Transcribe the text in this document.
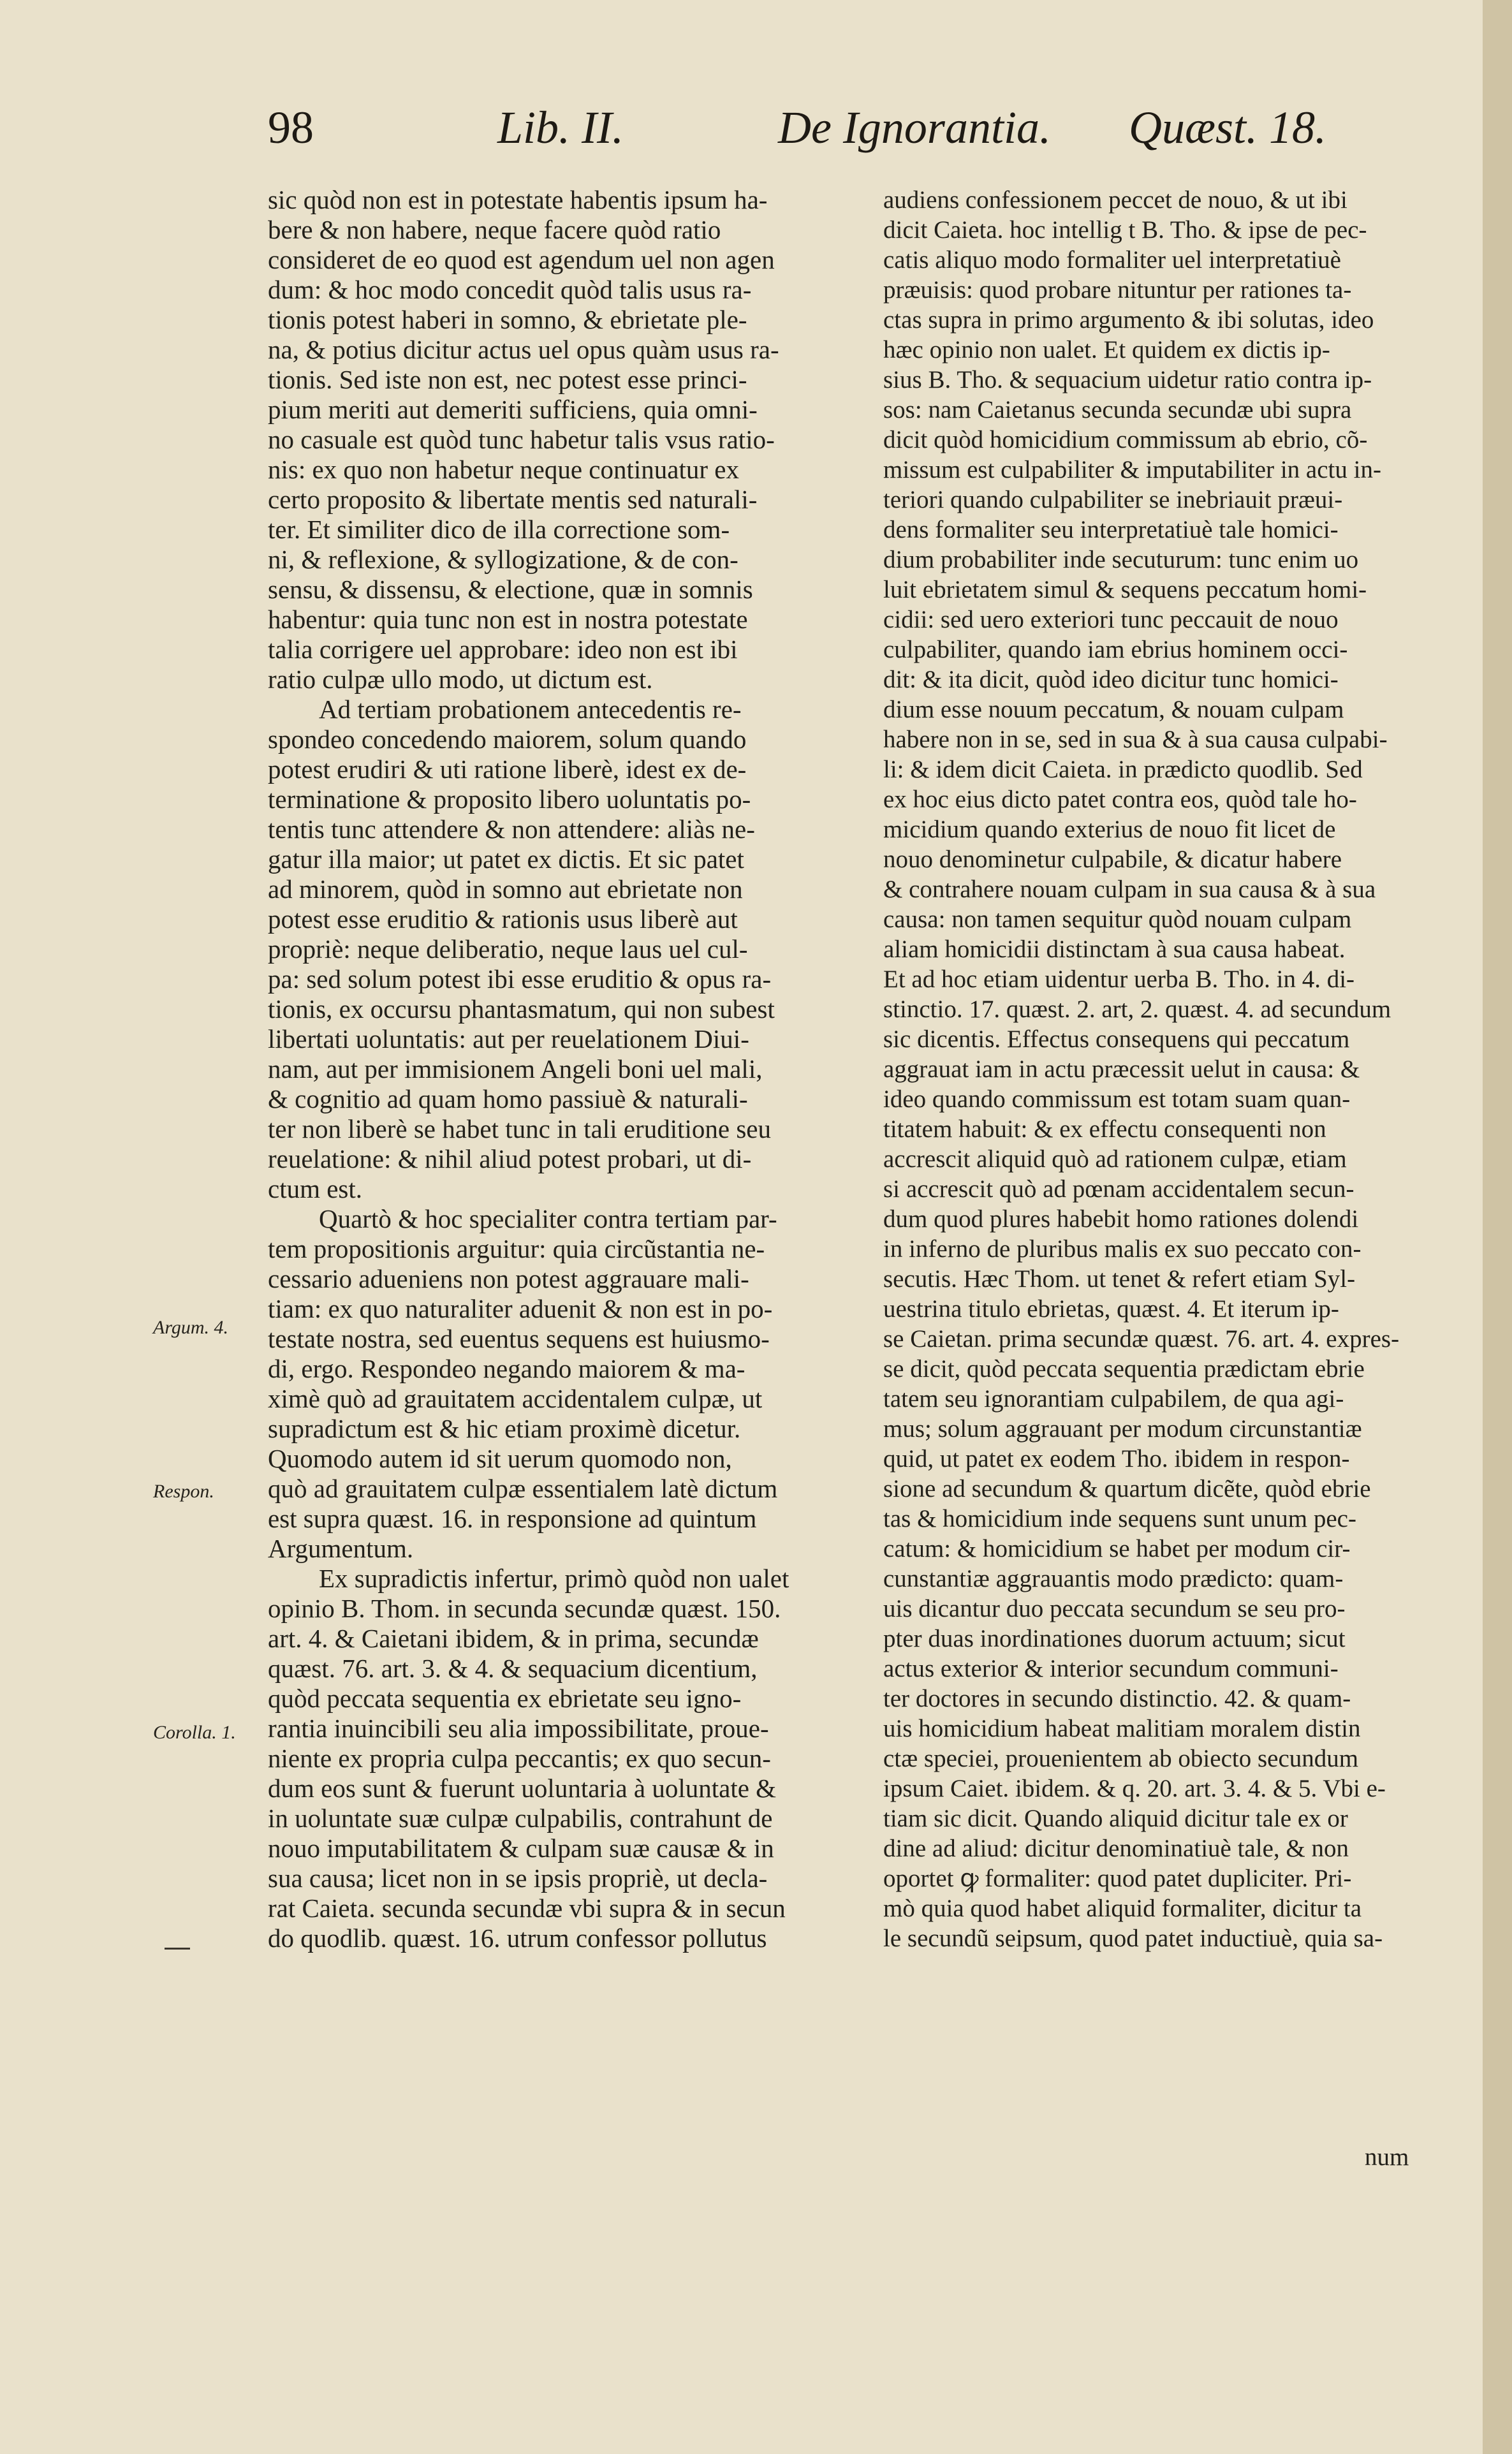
98	Lib. II.	De Ignorantia. Quæst. 18.
Argum. 4.
Respon.
Corolla. 1.

sic quòd non est in potestate habentis ipsum ha-

bere & non habere, neque facere quòd ratio

consideret de eo quod est agendum uel non agen

dum: & hoc modo concedit quòd talis usus ra-

tionis potest haberi in somno, & ebrietate ple-

na, & potius dicitur actus uel opus quàm usus ra-

tionis. Sed iste non est, nec potest esse princi-

pium meriti aut demeriti sufficiens, quia omni-

no casuale est quòd tunc habetur talis vsus ratio-

nis: ex quo non habetur neque continuatur ex

certo proposito & libertate mentis sed naturali-

ter. Et similiter dico de illa correctione som-

ni, & reflexione, & syllogizatione, & de con-

sensu, & dissensu, & electione, quæ in somnis

habentur: quia tunc non est in nostra potestate

talia corrigere uel approbare: ideo non est ibi

ratio culpæ ullo modo, ut dictum est.

Ad tertiam probationem antecedentis re-

spondeo concedendo maiorem, solum quando

potest erudiri & uti ratione liberè, idest ex de-

terminatione & proposito libero uoluntatis po-

tentis tunc attendere & non attendere: aliàs ne-

gatur illa maior; ut patet ex dictis. Et sic patet

ad minorem, quòd in somno aut ebrietate non

potest esse eruditio & rationis usus liberè aut

propriè: neque deliberatio, neque laus uel cul-

pa: sed solum potest ibi esse eruditio & opus ra-

tionis, ex occursu phantasmatum, qui non subest

libertati uoluntatis: aut per reuelationem Diui-

nam, aut per immisionem Angeli boni uel mali,

& cognitio ad quam homo passiuè & naturali-

ter non liberè se habet tunc in tali eruditione seu

reuelatione: & nihil aliud potest probari, ut di-

ctum est.

Quartò & hoc specialiter contra tertiam par-

tem propositionis arguitur: quia circũstantia ne-

cessario adueniens non potest aggrauare mali-

tiam: ex quo naturaliter aduenit & non est in po-

testate nostra, sed euentus sequens est huiusmo-

di, ergo. Respondeo negando maiorem & ma-

ximè quò ad grauitatem accidentalem culpæ, ut

supradictum est & hic etiam proximè dicetur.

Quomodo autem id sit uerum quomodo non,

quò ad grauitatem culpæ essentialem latè dictum

est supra quæst. 16. in responsione ad quintum

Argumentum.

Ex supradictis infertur, primò quòd non ualet

opinio B. Thom. in secunda secundæ quæst. 150.

art. 4. & Caietani ibidem, & in prima, secundæ

quæst. 76. art. 3. & 4. & sequacium dicentium,

quòd peccata sequentia ex ebrietate seu igno-

rantia inuincibili seu alia impossibilitate, proue-

niente ex propria culpa peccantis; ex quo secun-

dum eos sunt & fuerunt uoluntaria à uoluntate &

in uoluntate suæ culpæ culpabilis, contrahunt de

nouo imputabilitatem & culpam suæ causæ & in

sua causa; licet non in se ipsis propriè, ut decla-

rat Caieta. secunda secundæ vbi supra & in secun

do quodlib. quæst. 16. utrum confessor pollutus

audiens confessionem peccet de nouo, & ut ibi

dicit Caieta. hoc intellig t B. Tho. & ipse de pec-

catis aliquo modo formaliter uel interpretatiuè

præuisis: quod probare nituntur per rationes ta-

ctas supra in primo argumento & ibi solutas, ideo

hæc opinio non ualet. Et quidem ex dictis ip-

sius B. Tho. & sequacium uidetur ratio contra ip-

sos: nam Caietanus secunda secundæ ubi supra

dicit quòd homicidium commissum ab ebrio, cõ-

missum est culpabiliter & imputabiliter in actu in-

teriori quando culpabiliter se inebriauit præui-

dens formaliter seu interpretatiuè tale homici-

dium probabiliter inde secuturum: tunc enim uo

luit ebrietatem simul & sequens peccatum homi-

cidii: sed uero exteriori tunc peccauit de nouo

culpabiliter, quando iam ebrius hominem occi-

dit: & ita dicit, quòd ideo dicitur tunc homici-

dium esse nouum peccatum, & nouam culpam

habere non in se, sed in sua & à sua causa culpabi-

li: & idem dicit Caieta. in prædicto quodlib. Sed

ex hoc eius dicto patet contra eos, quòd tale ho-

micidium quando exterius de nouo fit licet de

nouo denominetur culpabile, & dicatur habere

& contrahere nouam culpam in sua causa & à sua

causa: non tamen sequitur quòd nouam culpam

aliam homicidii distinctam à sua causa habeat.

Et ad hoc etiam uidentur uerba B. Tho. in 4. di-

stinctio. 17. quæst. 2. art, 2. quæst. 4. ad secundum

sic dicentis. Effectus consequens qui peccatum

aggrauat iam in actu præcessit uelut in causa: &

ideo quando commissum est totam suam quan-

titatem habuit: & ex effectu consequenti non

accrescit aliquid quò ad rationem culpæ, etiam

si accrescit quò ad pœnam accidentalem secun-

dum quod plures habebit homo rationes dolendi

in inferno de pluribus malis ex suo peccato con-

secutis. Hæc Thom. ut tenet & refert etiam Syl-

uestrina titulo ebrietas, quæst. 4. Et iterum ip-

se Caietan. prima secundæ quæst. 76. art. 4. expres-

se dicit, quòd peccata sequentia prædictam ebrie

tatem seu ignorantiam culpabilem, de qua agi-

mus; solum aggrauant per modum circunstantiæ

quid, ut patet ex eodem Tho. ibidem in respon-

sione ad secundum & quartum dicẽte, quòd ebrie

tas & homicidium inde sequens sunt unum pec-

catum: & homicidium se habet per modum cir-

cunstantiæ aggrauantis modo prædicto: quam-

uis dicantur duo peccata secundum se seu pro-

pter duas inordinationes duorum actuum; sicut

actus exterior & interior secundum communi-

ter doctores in secundo distinctio. 42. & quam-

uis homicidium habeat malitiam moralem distin

ctæ speciei, prouenientem ab obiecto secundum

ipsum Caiet. ibidem. & q. 20. art. 3. 4. & 5. Vbi e-

tiam sic dicit. Quando aliquid dicitur tale ex or

dine ad aliud: dicitur denominatiuè tale, & non

oportet ꝙ formaliter: quod patet dupliciter. Pri-

mò quia quod habet aliquid formaliter, dicitur ta

le secundũ seipsum, quod patet inductiuè, quia sa-

num
